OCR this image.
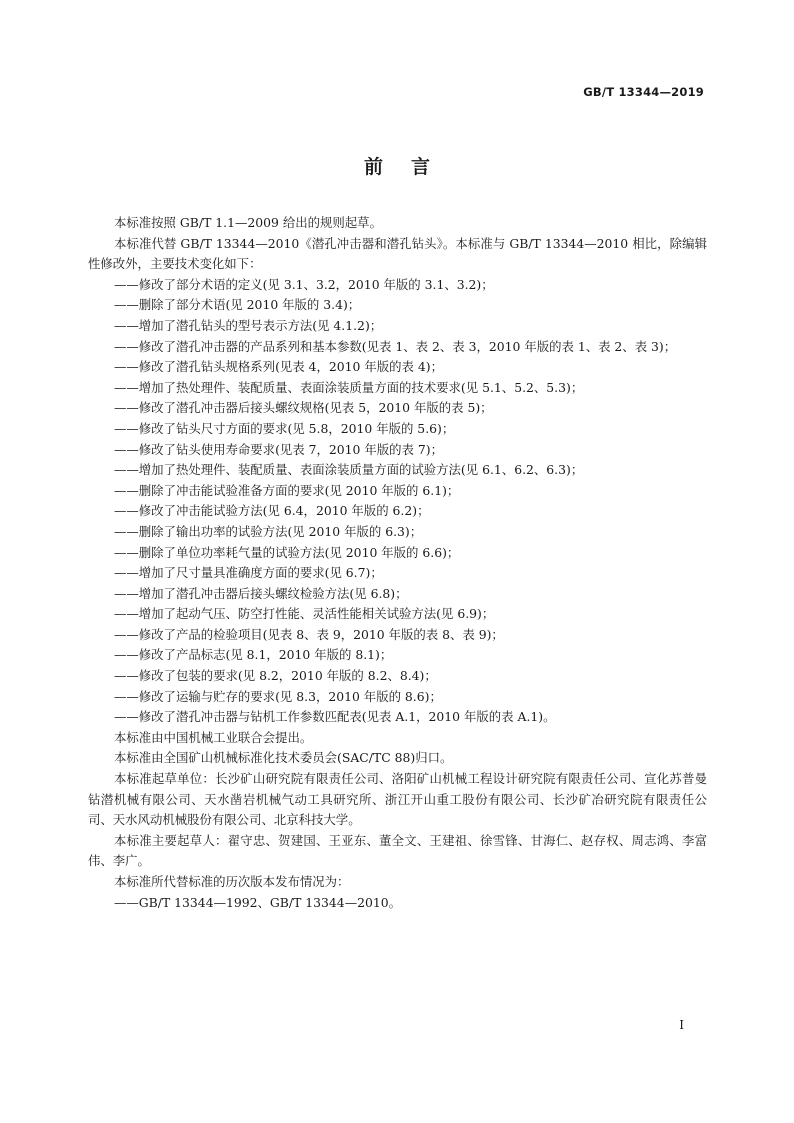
GB/T 13344—2019
前言

本标准按照 GB/T 1.1—2009 给出的规则起草。

本标准代替 GB/T 13344—2010《潜孔冲击器和潜孔钻头》。本标准与 GB/T 13344—2010 相比，除编辑性修改外，主要技术变化如下：

——修改了部分术语的定义(见 3.1、3.2，2010 年版的 3.1、3.2)；

——删除了部分术语(见 2010 年版的 3.4)；

——增加了潜孔钻头的型号表示方法(见 4.1.2)；

——修改了潜孔冲击器的产品系列和基本参数(见表 1、表 2、表 3，2010 年版的表 1、表 2、表 3)；

——修改了潜孔钻头规格系列(见表 4，2010 年版的表 4)；

——增加了热处理件、装配质量、表面涂装质量方面的技术要求(见 5.1、5.2、5.3)；

——修改了潜孔冲击器后接头螺纹规格(见表 5，2010 年版的表 5)；

——修改了钻头尺寸方面的要求(见 5.8，2010 年版的 5.6)；

——修改了钻头使用寿命要求(见表 7，2010 年版的表 7)；

——增加了热处理件、装配质量、表面涂装质量方面的试验方法(见 6.1、6.2、6.3)；

——删除了冲击能试验准备方面的要求(见 2010 年版的 6.1)；

——修改了冲击能试验方法(见 6.4，2010 年版的 6.2)；

——删除了输出功率的试验方法(见 2010 年版的 6.3)；

——删除了单位功率耗气量的试验方法(见 2010 年版的 6.6)；

——增加了尺寸量具准确度方面的要求(见 6.7)；

——增加了潜孔冲击器后接头螺纹检验方法(见 6.8)；

——增加了起动气压、防空打性能、灵活性能相关试验方法(见 6.9)；

——修改了产品的检验项目(见表 8、表 9，2010 年版的表 8、表 9)；

——修改了产品标志(见 8.1，2010 年版的 8.1)；

——修改了包装的要求(见 8.2，2010 年版的 8.2、8.4)；

——修改了运输与贮存的要求(见 8.3，2010 年版的 8.6)；

——修改了潜孔冲击器与钻机工作参数匹配表(见表 A.1，2010 年版的表 A.1)。

本标准由中国机械工业联合会提出。

本标准由全国矿山机械标准化技术委员会(SAC/TC 88)归口。

本标准起草单位：长沙矿山研究院有限责任公司、洛阳矿山机械工程设计研究院有限责任公司、宣化苏普曼钻潜机械有限公司、天水凿岩机械气动工具研究所、浙江开山重工股份有限公司、长沙矿冶研究院有限责任公司、天水风动机械股份有限公司、北京科技大学。

本标准主要起草人：翟守忠、贺建国、王亚东、董全文、王建祖、徐雪锋、甘海仁、赵存权、周志鸿、李富伟、李广。

本标准所代替标准的历次版本发布情况为：

——GB/T 13344—1992、GB/T 13344—2010。

Ⅰ
